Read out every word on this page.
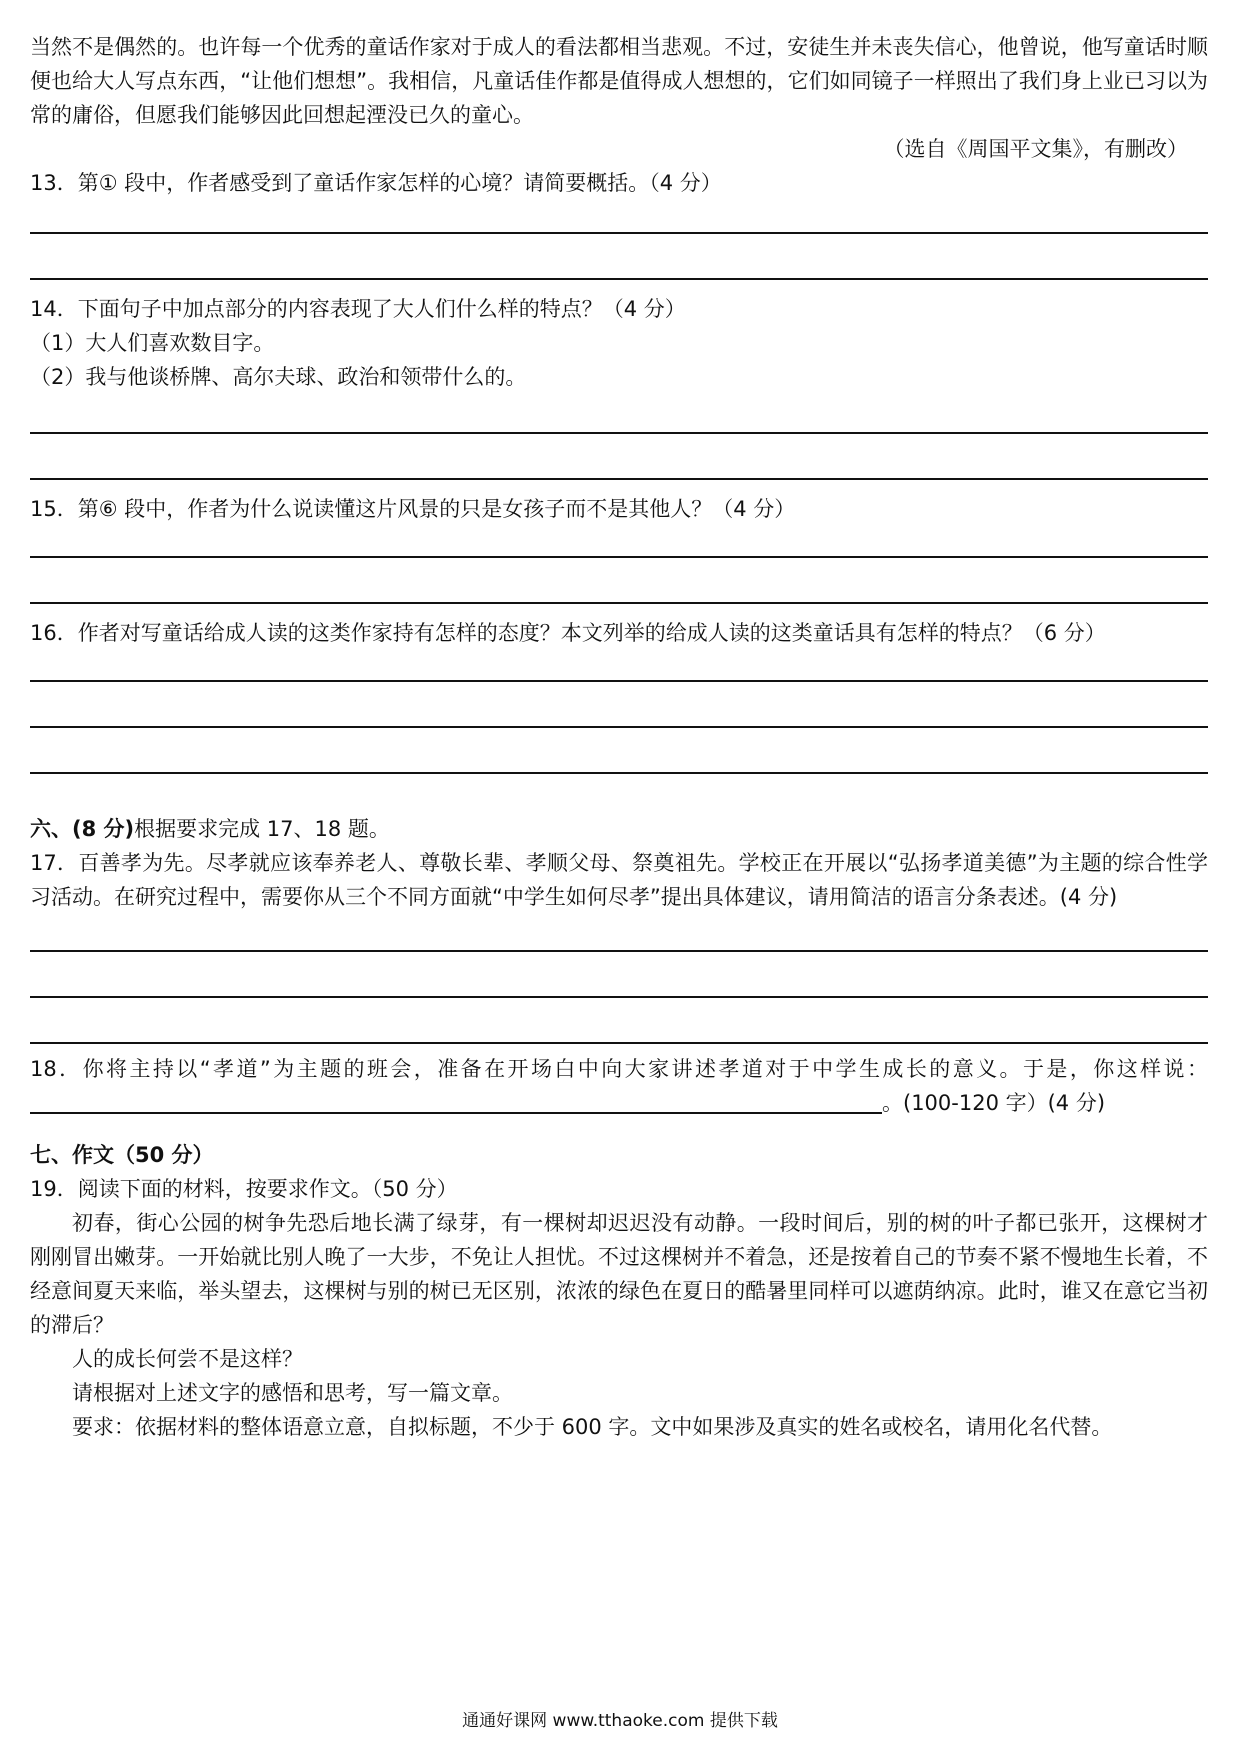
当然不是偶然的。也许每一个优秀的童话作家对于成人的看法都相当悲观。不过，安徒生并未丧失信心，他曾说，他写童话时顺便也给大人写点东西，“让他们想想”。我相信，凡童话佳作都是值得成人想想的，它们如同镜子一样照出了我们身上业已习以为常的庸俗，但愿我们能够因此回想起湮没已久的童心。

（选自《周国平文集》，有删改）

13．第① 段中，作者感受到了童话作家怎样的心境？请简要概括。（4 分）

14．下面句子中加点部分的内容表现了大人们什么样的特点？（4 分）

（1）大人们喜欢数目字。

（2）我与他谈桥牌、高尔夫球、政治和领带什么的。

15．第⑥ 段中，作者为什么说读懂这片风景的只是女孩子而不是其他人？（4 分）

16．作者对写童话给成人读的这类作家持有怎样的态度？本文列举的给成人读的这类童话具有怎样的特点？（6 分）

六、(8 分)根据要求完成 17、18 题。

17．百善孝为先。尽孝就应该奉养老人、尊敬长辈、孝顺父母、祭奠祖先。学校正在开展以“弘扬孝道美德”为主题的综合性学习活动。在研究过程中，需要你从三个不同方面就“中学生如何尽孝”提出具体建议，请用简洁的语言分条表述。(4 分)

18．你将主持以“孝道”为主题的班会，准备在开场白中向大家讲述孝道对于中学生成长的意义。于是，你这样说：。(100-120 字）(4 分)

七、作文（50 分）

19．阅读下面的材料，按要求作文。（50 分）

初春，街心公园的树争先恐后地长满了绿芽，有一棵树却迟迟没有动静。一段时间后，别的树的叶子都已张开，这棵树才 刚刚冒出嫩芽。一开始就比别人晚了一大步，不免让人担忧。不过这棵树并不着急，还是按着自己的节奏不紧不慢地生长着，不经意间夏天来临，举头望去，这棵树与别的树已无区别，浓浓的绿色在夏日的酷暑里同样可以遮荫纳凉。此时，谁又在意它当初的滞后？

人的成长何尝不是这样？

请根据对上述文字的感悟和思考，写一篇文章。

要求：依据材料的整体语意立意，自拟标题，不少于 600 字。文中如果涉及真实的姓名或校名，请用化名代替。

通通好课网 www.tthaoke.com 提供下载
